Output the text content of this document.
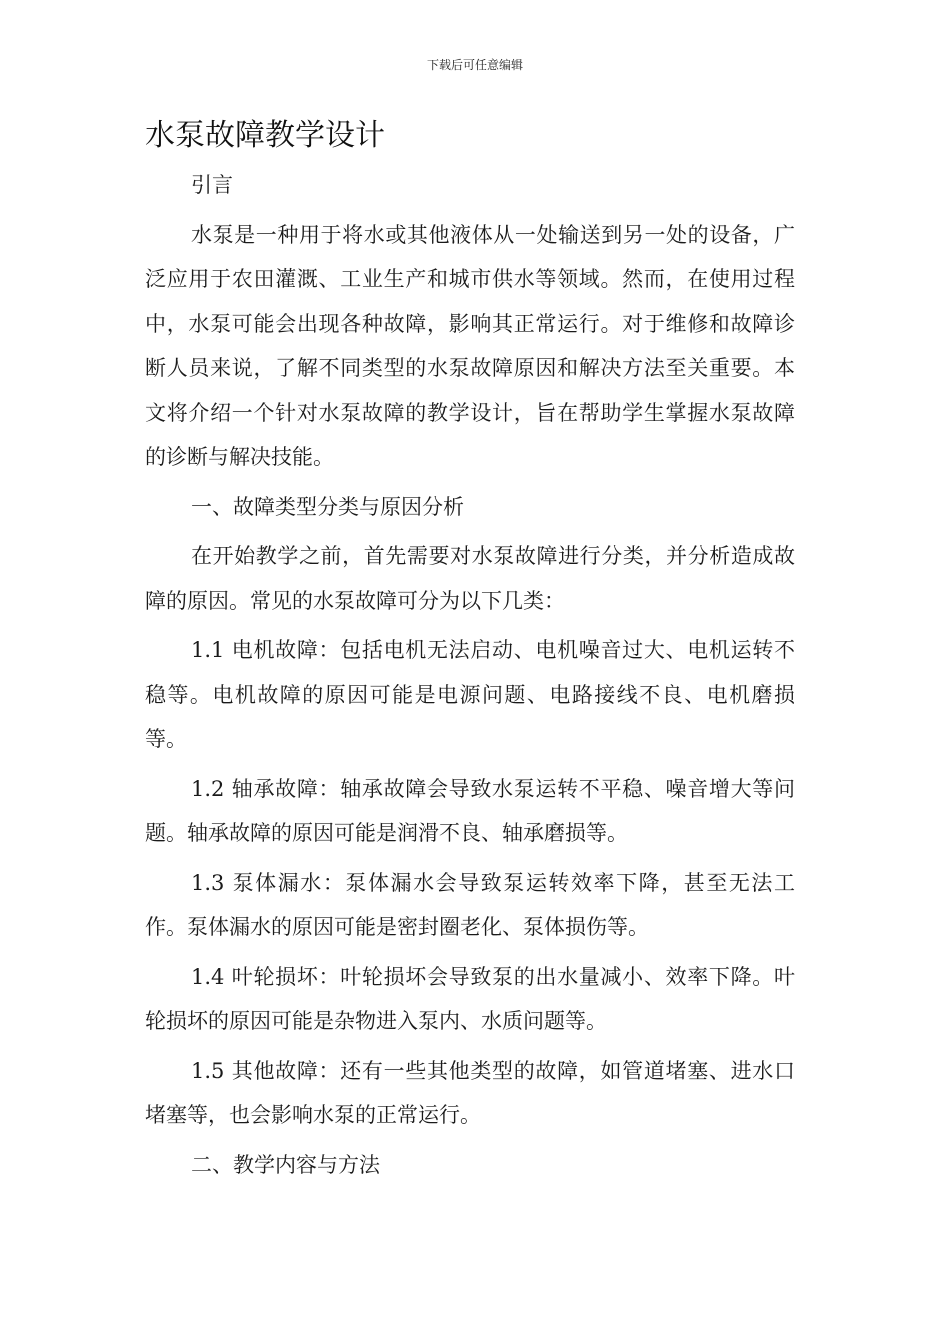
下载后可任意编辑
水泵故障教学设计

引言

水泵是一种用于将水或其他液体从一处输送到另一处的设备，广泛应用于农田灌溉、工业生产和城市供水等领域。然而，在使用过程中，水泵可能会出现各种故障，影响其正常运行。对于维修和故障诊断人员来说，了解不同类型的水泵故障原因和解决方法至关重要。本文将介绍一个针对水泵故障的教学设计，旨在帮助学生掌握水泵故障的诊断与解决技能。

一、故障类型分类与原因分析

在开始教学之前，首先需要对水泵故障进行分类，并分析造成故障的原因。常见的水泵故障可分为以下几类：

1.1 电机故障：包括电机无法启动、电机噪音过大、电机运转不稳等。电机故障的原因可能是电源问题、电路接线不良、电机磨损等。

1.2 轴承故障：轴承故障会导致水泵运转不平稳、噪音增大等问题。轴承故障的原因可能是润滑不良、轴承磨损等。

1.3 泵体漏水：泵体漏水会导致泵运转效率下降，甚至无法工作。泵体漏水的原因可能是密封圈老化、泵体损伤等。

1.4 叶轮损坏：叶轮损坏会导致泵的出水量减小、效率下降。叶轮损坏的原因可能是杂物进入泵内、水质问题等。

1.5 其他故障：还有一些其他类型的故障，如管道堵塞、进水口堵塞等，也会影响水泵的正常运行。

二、教学内容与方法
